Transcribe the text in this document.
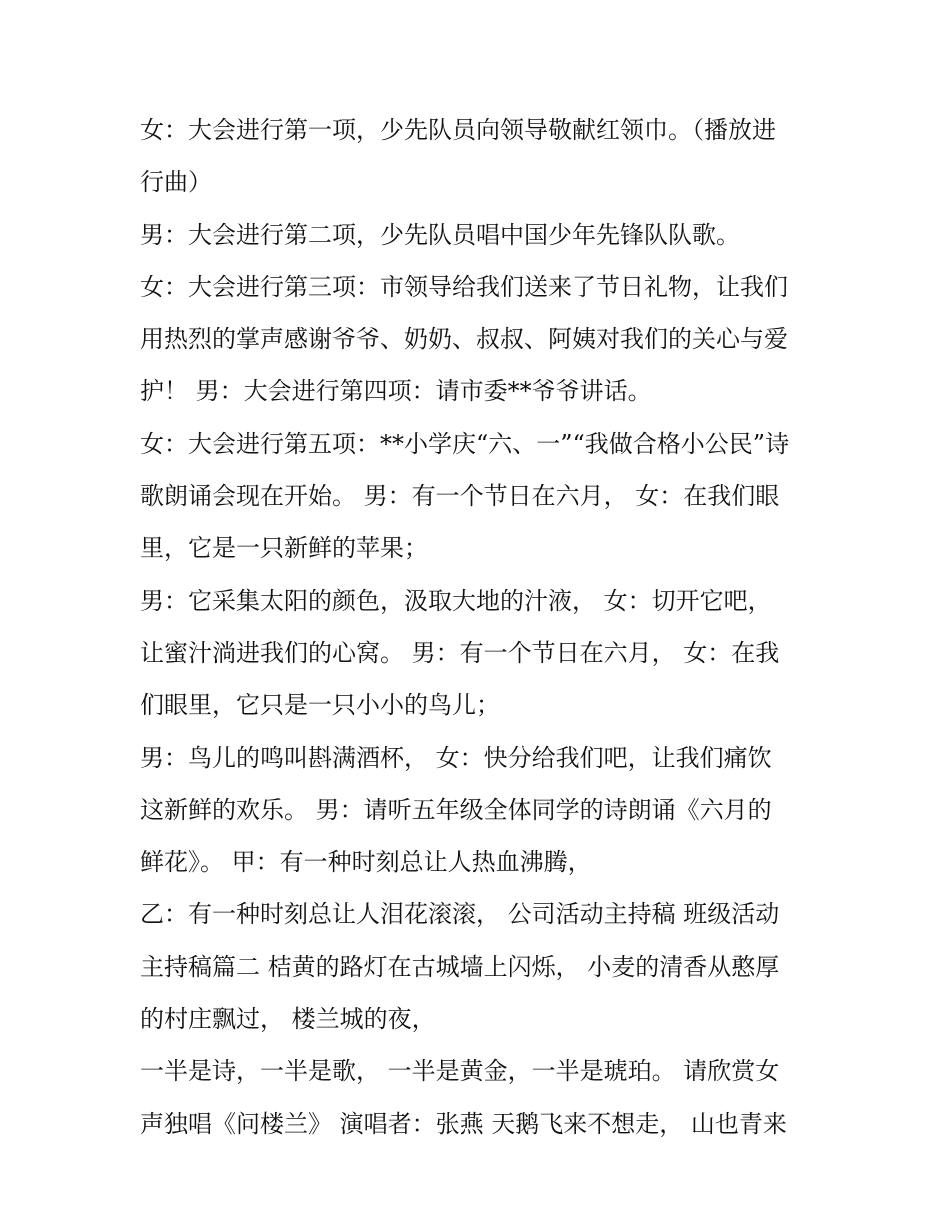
女：大会进行第一项，少先队员向领导敬献红领巾。（播放进
行曲）
男：大会进行第二项，少先队员唱中国少年先锋队队歌。
女：大会进行第三项：市领导给我们送来了节日礼物，让我们
用热烈的掌声感谢爷爷、奶奶、叔叔、阿姨对我们的关心与爱
护！ 男：大会进行第四项：请市委**爷爷讲话。
女：大会进行第五项：**小学庆“六、一”“我做合格小公民”诗
歌朗诵会现在开始。 男：有一个节日在六月， 女：在我们眼
里，它是一只新鲜的苹果；
男：它采集太阳的颜色，汲取大地的汁液， 女：切开它吧，
让蜜汁淌进我们的心窝。 男：有一个节日在六月， 女：在我
们眼里，它只是一只小小的鸟儿；
男：鸟儿的鸣叫斟满酒杯， 女：快分给我们吧，让我们痛饮
这新鲜的欢乐。 男：请听五年级全体同学的诗朗诵《六月的
鲜花》。 甲：有一种时刻总让人热血沸腾，
乙：有一种时刻总让人泪花滚滚， 公司活动主持稿 班级活动
主持稿篇二 桔黄的路灯在古城墙上闪烁， 小麦的清香从憨厚
的村庄飘过， 楼兰城的夜，
一半是诗，一半是歌， 一半是黄金，一半是琥珀。 请欣赏女
声独唱《问楼兰》 演唱者：张燕 天鹅飞来不想走， 山也青来
